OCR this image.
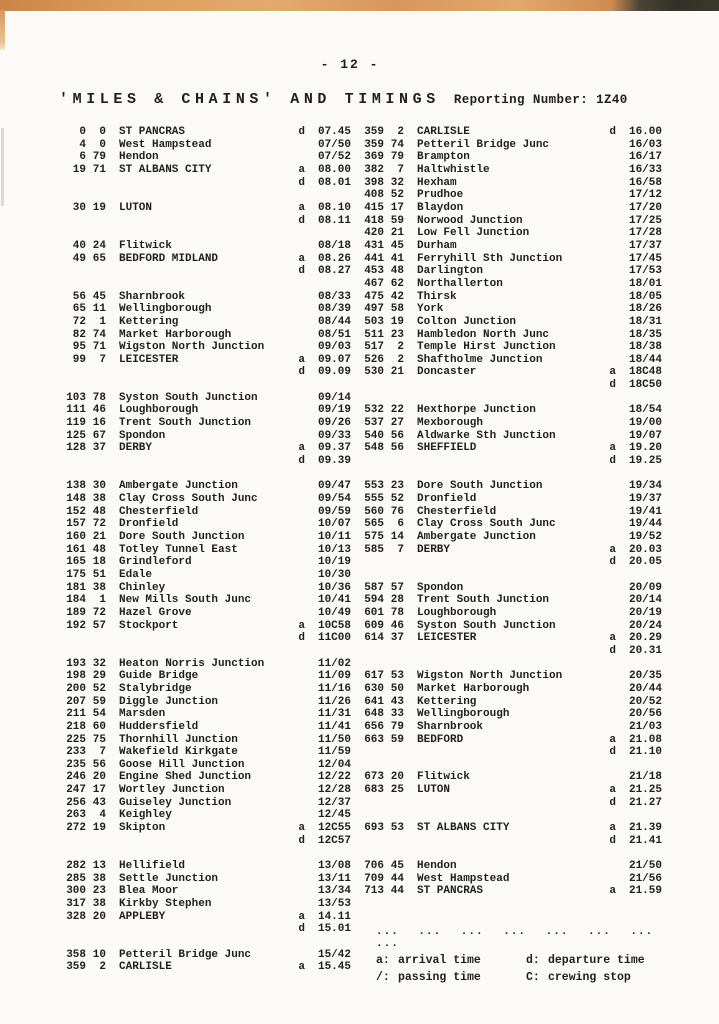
- 12 -
'MILES & CHAINS' AND TIMINGS Reporting Number: 1Z40
0	0 ST PANCRAS	d	07.45
4	0 West Hampstead	07/50
6 79 Hendon	07/52
19 71 ST ALBANS CITY	a	08.00
d	08.01
30 19 LUTON	a	08.10
d	08.11
40 24 Flitwick	08/18
49 65 BEDFORD MIDLAND	a	08.26
d	08.27
56 45 Sharnbrook	08/33
65 11 Wellingborough	08/39
72	1 Kettering	08/44
82 74 Market Harborough	08/51
95 71 Wigston North Junction	09/03
99	7 LEICESTER	a	09.07
d	09.09
103 78 Syston South Junction	09/14
111 46 Loughborough	09/19
119 16 Trent South Junction	09/26
125 67 Spondon	09/33
128 37 DERBY	a	09.37
d	09.39
138 30 Ambergate Junction	09/47
148 38 Clay Cross South Junc	09/54
152 48 Chesterfield	09/59
157 72 Dronfield	10/07
160 21 Dore South Junction	10/11
161 48 Totley Tunnel East	10/13
165 18 Grindleford	10/19
175 51 Edale	10/30
181 38 Chinley	10/36
184	1 New Mills South Junc	10/41
189 72 Hazel Grove	10/49
192 57 Stockport	a	10C58
d	11C00
193 32 Heaton Norris Junction	11/02
198 29 Guide Bridge	11/09
200 52 Stalybridge	11/16
207 59 Diggle Junction	11/26
211 54 Marsden	11/31
218 60 Huddersfield	11/41
225 75 Thornhill Junction	11/50
233	7 Wakefield Kirkgate	11/59
235 56 Goose Hill Junction	12/04
246 20 Engine Shed Junction	12/22
247 17 Wortley Junction	12/28
256 43 Guiseley Junction	12/37
263	4 Keighley	12/45
272 19 Skipton	a	12C55
d	12C57
282 13 Hellifield	13/08
285 38 Settle Junction	13/11
300 23 Blea Moor	13/34
317 38 Kirkby Stephen	13/53
328 20 APPLEBY	a	14.11
d	15.01
358 10 Petteril Bridge Junc	15/42
359	2 CARLISLE	a	15.45
359	2 CARLISLE	d	16.00
359 74 Petteril Bridge Junc	16/03
369 79 Brampton	16/17
382	7 Haltwhistle	16/33
398 32 Hexham	16/58
408 52 Prudhoe	17/12
415 17 Blaydon	17/20
418 59 Norwood Junction	17/25
420 21 Low Fell Junction	17/28
431 45 Durham	17/37
441 41 Ferryhill Sth Junction	17/45
453 48 Darlington	17/53
467 62 Northallerton	18/01
475 42 Thirsk	18/05
497 58 York	18/26
503 19 Colton Junction	18/31
511 23 Hambledon North Junc	18/35
517	2 Temple Hirst Junction	18/38
526	2 Shaftholme Junction	18/44
530 21 Doncaster	a	18C48
d	18C50
532 22 Hexthorpe Junction	18/54
537 27 Mexborough	19/00
540 56 Aldwarke Sth Junction	19/07
548 56 SHEFFIELD	a	19.20
d	19.25
553 23 Dore South Junction	19/34
555 52 Dronfield	19/37
560 76 Chesterfield	19/41
565	6 Clay Cross South Junc	19/44
575 14 Ambergate Junction	19/52
585	7 DERBY	a	20.03
d	20.05
587 57 Spondon	20/09
594 28 Trent South Junction	20/14
601 78 Loughborough	20/19
609 46 Syston South Junction	20/24
614 37 LEICESTER	a	20.29
d	20.31
617 53 Wigston North Junction	20/35
630 50 Market Harborough	20/44
641 43 Kettering	20/52
648 33 Wellingborough	20/56
656 79 Sharnbrook	21/03
663 59 BEDFORD	a	21.08
d	21.10
673 20 Flitwick	21/18
683 25 LUTON	a	21.25
d	21.27
693 53 ST ALBANS CITY	a	21.39
d	21.41
706 45 Hendon	21/50
709 44 West Hampstead	21/56
713 44 ST PANCRAS	a	21.59
... ... ... ... ... ... ... ...
a: arrival time	d: departure time
/: passing time	C: crewing stop
